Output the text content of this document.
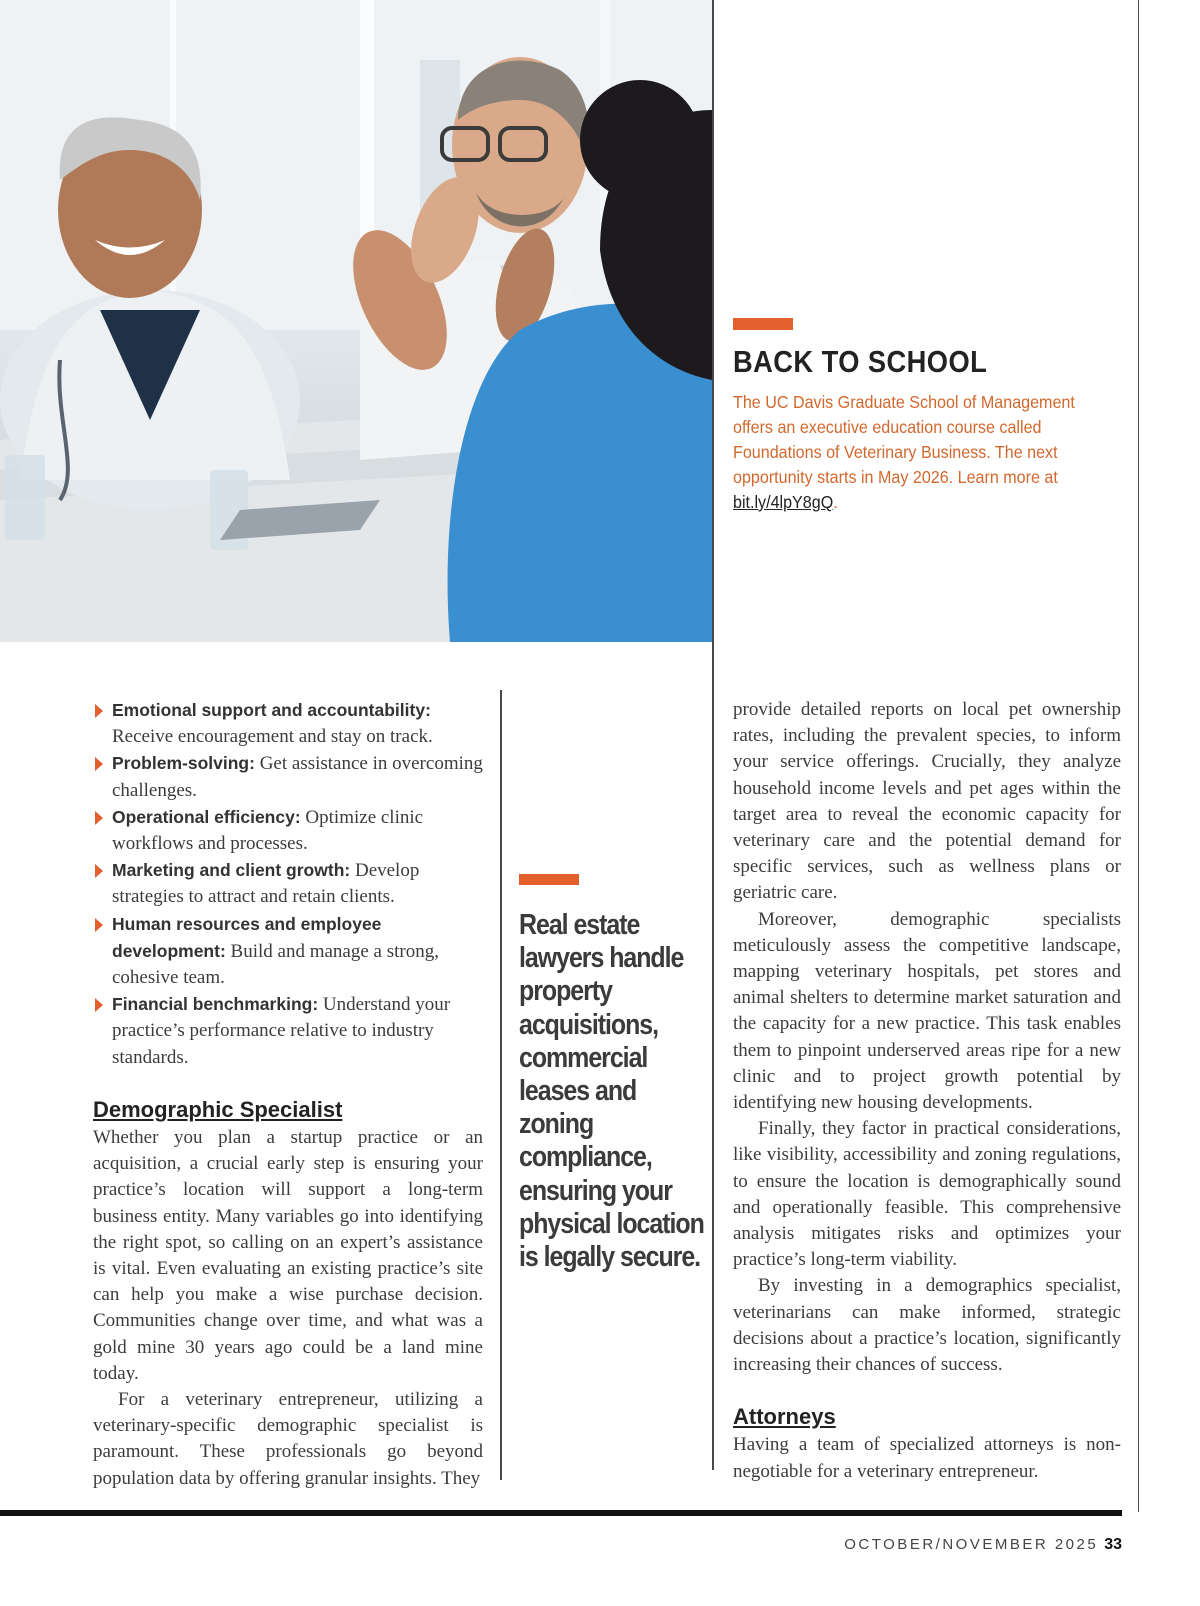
BACK TO SCHOOL
The UC Davis Graduate School of Management offers an executive education course called Foundations of Veterinary Business. The next opportunity starts in May 2026. Learn more at bit.ly/4lpY8gQ.
Emotional support and accountability: Receive encouragement and stay on track.
Problem-solving: Get assistance in overcoming challenges.
Operational efficiency: Optimize clinic workflows and processes.
Marketing and client growth: Develop strategies to attract and retain clients.
Human resources and employee development: Build and manage a strong, cohesive team.
Financial benchmarking: Understand your practice’s performance relative to industry standards.
Demographic Specialist

Whether you plan a startup practice or an acquisition, a crucial early step is ensuring your practice’s location will support a long-term business entity. Many variables go into identifying the right spot, so calling on an expert’s assistance is vital. Even evaluating an existing practice’s site can help you make a wise purchase decision. Communities change over time, and what was a gold mine 30 years ago could be a land mine today.

For a veterinary entrepreneur, utilizing a veterinary-specific demographic specialist is paramount. These professionals go beyond population data by offering granular insights. They

Real estate lawyers handle property acquisitions, commercial leases and zoning compliance, ensuring your physical location is legally secure.

provide detailed reports on local pet ownership rates, including the prevalent species, to inform your service offerings. Crucially, they analyze household income levels and pet ages within the target area to reveal the economic capacity for veterinary care and the potential demand for specific services, such as wellness plans or geriatric care.

Moreover, demographic specialists meticulously assess the competitive landscape, mapping veterinary hospitals, pet stores and animal shelters to determine market saturation and the capacity for a new practice. This task enables them to pinpoint underserved areas ripe for a new clinic and to project growth potential by identifying new housing developments.

Finally, they factor in practical considerations, like visibility, accessibility and zoning regulations, to ensure the location is demographically sound and operationally feasible. This comprehensive analysis mitigates risks and optimizes your practice’s long-term viability.

By investing in a demographics specialist, veterinarians can make informed, strategic decisions about a practice’s location, significantly increasing their chances of success.

Attorneys

Having a team of specialized attorneys is non-negotiable for a veterinary entrepreneur.

OCTOBER/NOVEMBER 2025 33
